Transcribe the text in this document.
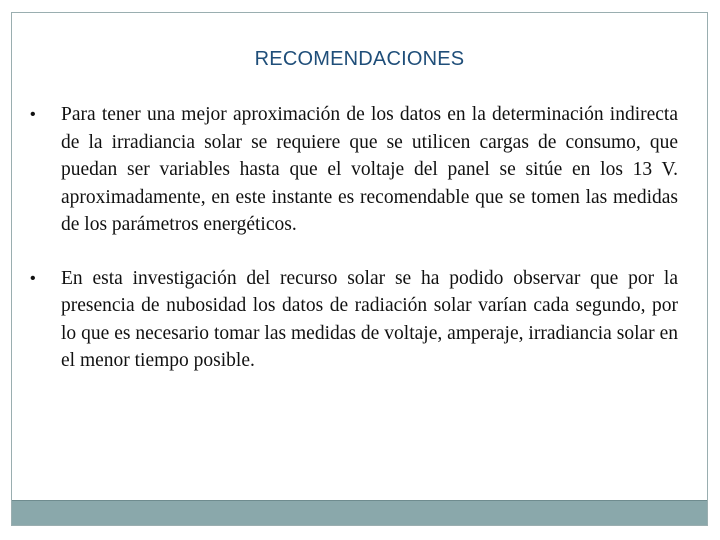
RECOMENDACIONES
•	Para tener una mejor aproximación de los datos en la determinación indirecta de la irradiancia solar se requiere que se utilicen cargas de consumo, que puedan ser variables hasta que el voltaje del panel se sitúe en los 13 V. aproximadamente, en este instante es recomendable que se tomen las medidas de los parámetros energéticos.
•	En esta investigación del recurso solar se ha podido observar que por la presencia de nubosidad los datos de radiación solar varían cada segundo, por lo que es necesario tomar las medidas de voltaje, amperaje, irradiancia solar en el menor tiempo posible.
